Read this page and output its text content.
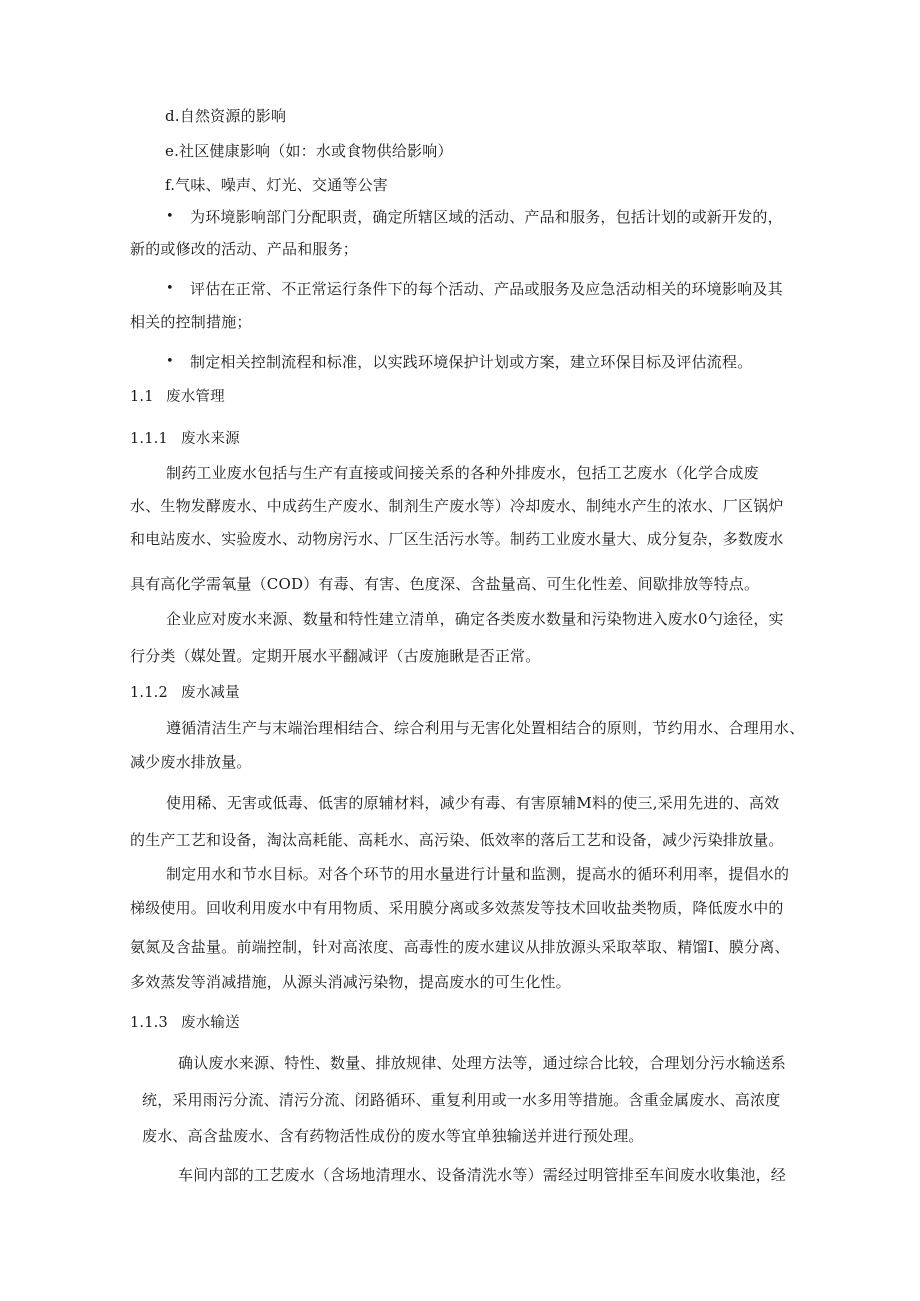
d.自然资源的影响
e.社区健康影响（如：水或食物供给影响）
f.气味、噪声、灯光、交通等公害
• 为环境影响部门分配职责，确定所辖区域的活动、产品和服务，包括计划的或新开发的，
新的或修改的活动、产品和服务；
• 评估在正常、不正常运行条件下的每个活动、产品或服务及应急活动相关的环境影响及其
相关的控制措施；
• 制定相关控制流程和标准，以实践环境保护计划或方案，建立环保目标及评估流程。
1.1 废水管理
1.1.1 废水来源
制药工业废水包括与生产有直接或间接关系的各种外排废水，包括工艺废水（化学合成废
水、生物发酵废水、中成药生产废水、制剂生产废水等）冷却废水、制纯水产生的浓水、厂区锅炉
和电站废水、实验废水、动物房污水、厂区生活污水等。制药工业废水量大、成分复杂，多数废水
具有高化学需氧量（COD）有毒、有害、色度深、含盐量高、可生化性差、间歇排放等特点。
企业应对废水来源、数量和特性建立清单，确定各类废水数量和污染物进入废水0勺途径，实
行分类（媒处置。定期开展水平翻减评（古废施瞅是否正常。
1.1.2 废水减量
遵循清洁生产与末端治理相结合、综合利用与无害化处置相结合的原则，节约用水、合理用水、
减少废水排放量。
使用稀、无害或低毒、低害的原辅材料，减少有毒、有害原辅M料的使三,采用先进的、高效
的生产工艺和设备，淘汰高耗能、高耗水、高污染、低效率的落后工艺和设备，减少污染排放量。
制定用水和节水目标。对各个环节的用水量进行计量和监测，提高水的循环利用率，提倡水的
梯级使用。回收利用废水中有用物质、采用膜分离或多效蒸发等技术回收盐类物质，降低废水中的
氨氮及含盐量。前端控制，针对高浓度、高毒性的废水建议从排放源头采取萃取、精馏I、膜分离、
多效蒸发等消减措施，从源头消减污染物，提高废水的可生化性。
1.1.3 废水输送
确认废水来源、特性、数量、排放规律、处理方法等，通过综合比较，合理划分污水输送系
统，采用雨污分流、清污分流、闭路循环、重复利用或一水多用等措施。含重金属废水、高浓度
废水、高含盐废水、含有药物活性成份的废水等宜单独输送并进行预处理。
车间内部的工艺废水（含场地清理水、设备清洗水等）需经过明管排至车间废水收集池，经
